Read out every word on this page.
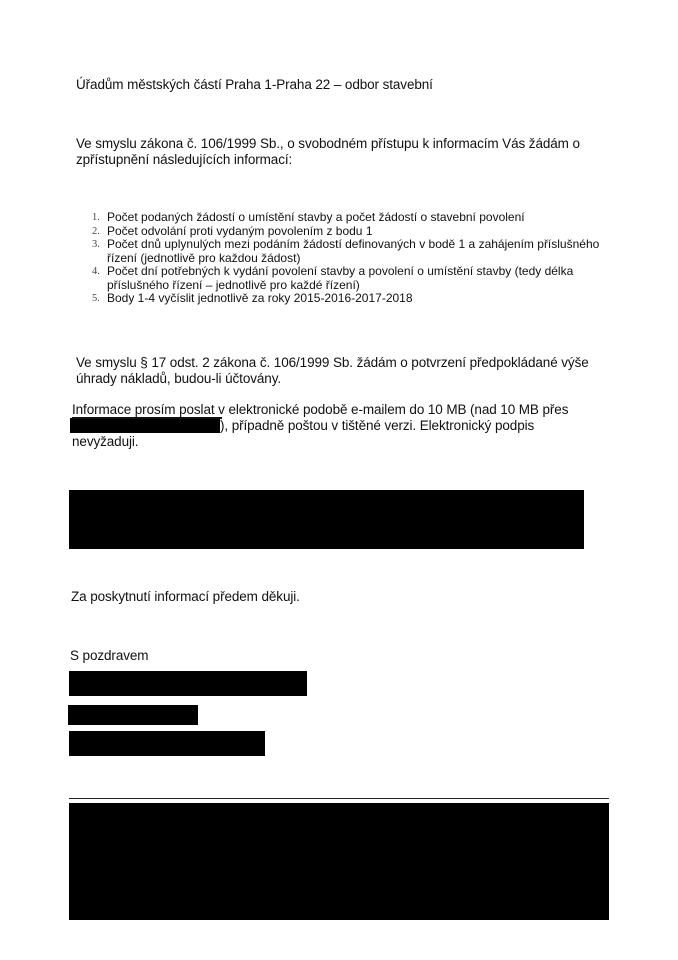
Úřadům městských částí Praha 1-Praha 22 – odbor stavební

Ve smyslu zákona č. 106/1999 Sb., o svobodném přístupu k informacím Vás žádám o zpřístupnění následujících informací:

1. Počet podaných žádostí o umístění stavby a počet žádostí o stavební povolení
2. Počet odvolání proti vydaným povolením z bodu 1
3. Počet dnů uplynulých mezi podáním žádostí definovaných v bodě 1 a zahájením příslušného řízení (jednotlivě pro každou žádost)
4. Počet dní potřebných k vydání povolení stavby a povolení o umístění stavby (tedy délka příslušného řízení – jednotlivě pro každé řízení)
5. Body 1-4 vyčíslit jednotlivě za roky 2015-2016-2017-2018

Ve smyslu § 17 odst. 2 zákona č. 106/1999 Sb. žádám o potvrzení předpokládané výše úhrady nákladů, budou-li účtovány.

Informace prosím poslat v elektronické podobě e-mailem do 10 MB (nad 10 MB přes ), případně poštou v tištěné verzi. Elektronický podpis nevyžaduji.

Za poskytnutí informací předem děkuji.

S pozdravem
